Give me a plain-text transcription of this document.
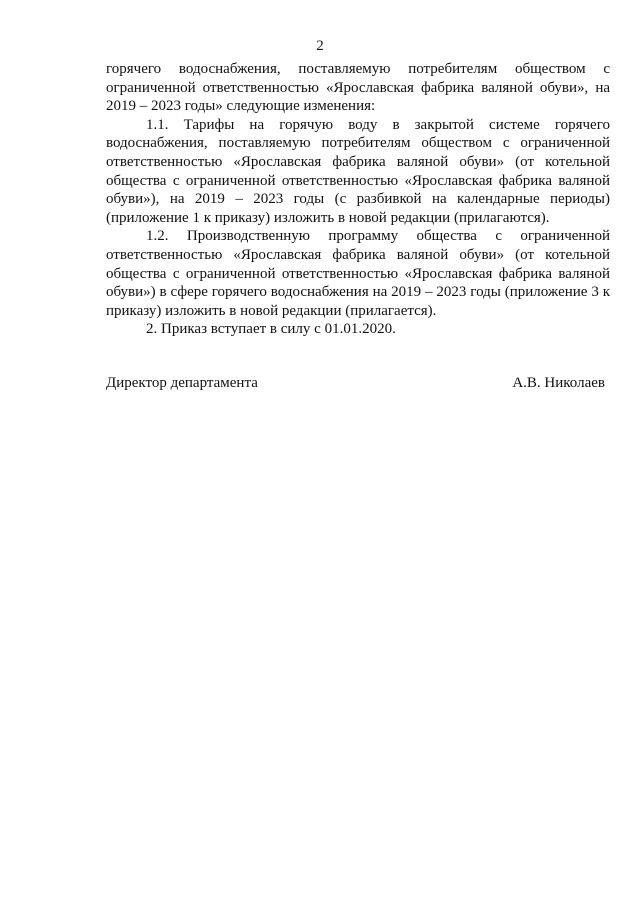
2

горячего водоснабжения, поставляемую потребителям обществом с ограниченной ответственностью «Ярославская фабрика валяной обуви», на 2019 – 2023 годы» следующие изменения:

1.1. Тарифы на горячую воду в закрытой системе горячего водоснабжения, поставляемую потребителям обществом с ограниченной ответственностью «Ярославская фабрика валяной обуви» (от котельной общества с ограниченной ответственностью «Ярославская фабрика валяной обуви»), на 2019 – 2023 годы (с разбивкой на календарные периоды) (приложение 1 к приказу) изложить в новой редакции (прилагаются).

1.2. Производственную программу общества с ограниченной ответственностью «Ярославская фабрика валяной обуви» (от котельной общества с ограниченной ответственностью «Ярославская фабрика валяной обуви») в сфере горячего водоснабжения на 2019 – 2023 годы (приложение 3 к приказу) изложить в новой редакции (прилагается).

2. Приказ вступает в силу с 01.01.2020.

Директор департамента	А.В. Николаев
